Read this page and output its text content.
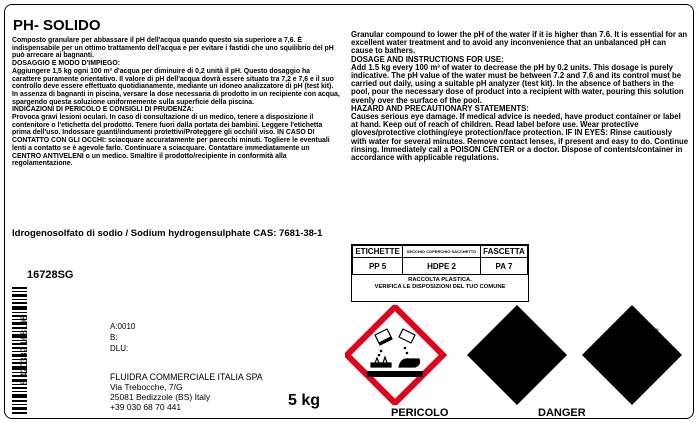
PH- SOLIDO
Composto granulare per abbassare il pH dell'acqua quando questo sia superiore a 7,6. È indispensabile per un ottimo trattamento dell'acqua e per evitare i fastidi che uno squilibrio del pH può arrecare ai bagnanti.
DOSAGGIO E MODO D'IMPIEGO:
Aggiungere 1,5 kg ogni 100 m³ d'acqua per diminuire di 0,2 unità il pH. Questo dosaggio ha carattere puramente orientativo. Il valore di pH dell'acqua dovrà essere situato tra 7,2 e 7,6 e il suo controllo deve essere effettuato quotidianamente, mediante un idoneo analizzatore di pH (test kit). In assenza di bagnanti in piscina, versare la dose necessaria di prodotto in un recipiente con acqua, spargendo questa soluzione uniformemente sulla superficie della piscina.
INDICAZIONI DI PERICOLO E CONSIGLI DI PRUDENZA:
Provoca gravi lesioni oculari. In caso di consultazione di un medico, tenere a disposizione il contenitore o l'etichetta del prodotto. Tenere fuori dalla portata dei bambini. Leggere l'etichetta prima dell'uso. Indossare guanti/indumenti protettivi/Proteggere gli occhi/il viso. IN CASO DI CONTATTO CON GLI OCCHI: sciacquare accuratamente per parecchi minuti. Togliere le eventuali lenti a contatto se è agevole farlo. Continuare a sciacquare. Contattare immediatamente un CENTRO ANTIVELENI o un medico. Smaltire il prodotto/recipiente in conformità alla regolamentazione.
Granular compound to lower the pH of the water if it is higher than 7.6. It is essential for an excellent water treatment and to avoid any inconvenience that an unbalanced pH can cause to bathers.
DOSAGE AND INSTRUCTIONS FOR USE:
Add 1.5 kg every 100 m³ of water to decrease the pH by 0.2 units. This dosage is purely indicative. The pH value of the water must be between 7.2 and 7.6 and its control must be carried out daily, using a suitable pH analyzer (test kit). In the absence of bathers in the pool, pour the necessary dose of product into a recipient with water, pouring this solution evenly over the surface of the pool.
HAZARD AND PRECAUTIONARY STATEMENTS:
Causes serious eye damage. If medical advice is needed, have product container or label at hand. Keep out of reach of children. Read label before use. Wear protective gloves/protective clothing/eye protection/face protection. IF IN EYES: Rinse cautiously with water for several minutes. Remove contact lenses, if present and easy to do. Continue rinsing. Immediately call a POISON CENTER or a doctor. Dispose of contents/container in accordance with applicable regulations.
Idrogenosolfato di sodio / Sodium hydrogensulphate CAS: 7681-38-1
16728SG
8 420382 168198	A:0010
B:
DLU:
FLUIDRA COMMERCIALE ITALIA SPA
Via Trebocche, 7/G
25081 Bedizzole (BS) Italy
+39 030 68 70 441	5 kg
ETICHETTE	SECCHIO COPERCHIO SACCHETTO	FASCETTA
PP 5	HDPE 2	PA 7
RACCOLTA PLASTICA.
VERIFICA LE DISPOSIZIONI DEL TUO COMUNE
PERICOLO	DANGER
E9A119128006
